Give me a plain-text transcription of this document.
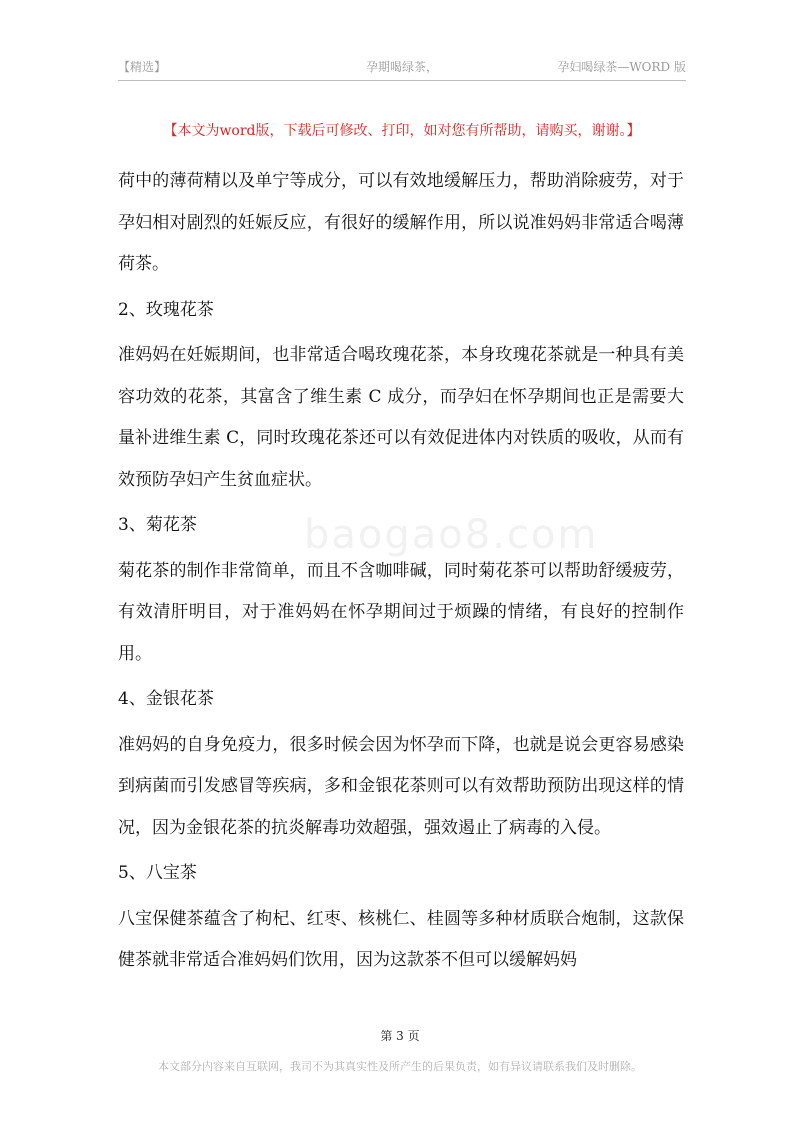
【精选】	孕期喝绿茶，	孕妇喝绿茶—WORD 版
【本文为word版，下载后可修改、打印，如对您有所帮助，请购买，谢谢。】
baogao8.com

荷中的薄荷精以及单宁等成分，可以有效地缓解压力，帮助消除疲劳，对于孕妇相对剧烈的妊娠反应，有很好的缓解作用，所以说准妈妈非常适合喝薄荷茶。

2、玫瑰花茶

准妈妈在妊娠期间，也非常适合喝玫瑰花茶，本身玫瑰花茶就是一种具有美容功效的花茶，其富含了维生素 C 成分，而孕妇在怀孕期间也正是需要大量补进维生素 C，同时玫瑰花茶还可以有效促进体内对铁质的吸收，从而有效预防孕妇产生贫血症状。

3、菊花茶

菊花茶的制作非常简单，而且不含咖啡碱，同时菊花茶可以帮助舒缓疲劳，有效清肝明目，对于准妈妈在怀孕期间过于烦躁的情绪，有良好的控制作用。

4、金银花茶

准妈妈的自身免疫力，很多时候会因为怀孕而下降，也就是说会更容易感染到病菌而引发感冒等疾病，多和金银花茶则可以有效帮助预防出现这样的情况，因为金银花茶的抗炎解毒功效超强，强效遏止了病毒的入侵。

5、八宝茶

八宝保健茶蕴含了枸杞、红枣、核桃仁、桂圆等多种材质联合炮制，这款保健茶就非常适合准妈妈们饮用，因为这款茶不但可以缓解妈妈

第 3 页
本文部分内容来自互联网，我司不为其真实性及所产生的后果负责，如有异议请联系我们及时删除。
